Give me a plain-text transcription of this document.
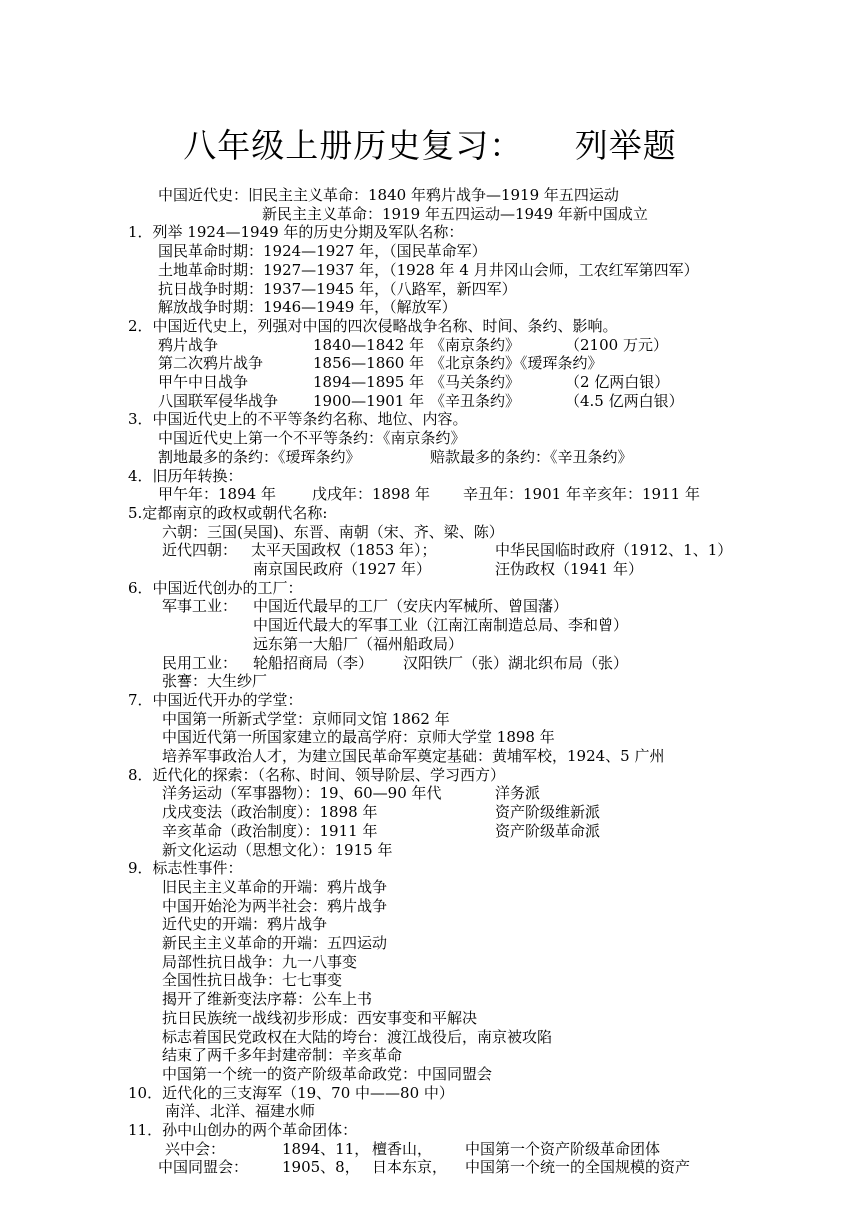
八年级上册历史复习：　　列举题
中国近代史：旧民主主义革命：1840 年鸦片战争—1919 年五四运动
新民主主义革命：1919 年五四运动—1949 年新中国成立
1．列举 1924—1949 年的历史分期及军队名称：
国民革命时期：1924—1927 年，（国民革命军）
土地革命时期：1927—1937 年，（1928 年 4 月井冈山会师，工农红军第四军）
抗日战争时期：1937—1945 年，（八路军，新四军）
解放战争时期：1946—1949 年，（解放军）
2．中国近代史上，列强对中国的四次侵略战争名称、时间、条约、影响。
鸦片战争	1840—1842 年 《南京条约》	（2100 万元）
第二次鸦片战争	1856—1860 年 《北京条约》《瑷珲条约》
甲午中日战争	1894—1895 年 《马关条约》	（2 亿两白银）
八国联军侵华战争 1900—1901 年 《辛丑条约》	（4.5 亿两白银）
3．中国近代史上的不平等条约名称、地位、内容。
中国近代史上第一个不平等条约：《南京条约》
割地最多的条约：《瑷珲条约》	赔款最多的条约：《辛丑条约》
4．旧历年转换：
甲午年：1894 年 戊戌年：1898 年 辛丑年：1901 年 辛亥年：1911 年
5.定都南京的政权或朝代名称:
六朝：三国(吴国)、东晋、南朝（宋、齐、梁、陈）
近代四朝： 太平天国政权（1853 年）；	中华民国临时政府（1912、1、1）
南京国民政府（1927 年）	汪伪政权（1941 年）
6．中国近代创办的工厂：
军事工业： 中国近代最早的工厂（安庆内军械所、曾国藩）
中国近代最大的军事工业（江南江南制造总局、李和曾）
远东第一大船厂（福州船政局）
民用工业： 轮船招商局（李） 汉阳铁厂（张）湖北织布局（张）
张謇：大生纱厂
7．中国近代开办的学堂：
中国第一所新式学堂：京师同文馆 1862 年
中国近代第一所国家建立的最高学府：京师大学堂 1898 年
培养军事政治人才，为建立国民革命军奠定基础：黄埔军校，1924、5 广州
8．近代化的探索：（名称、时间、领导阶层、学习西方）
洋务运动（军事器物）：19、60—90 年代	洋务派
戊戌变法（政治制度）：1898 年	资产阶级维新派
辛亥革命（政治制度）：1911 年	资产阶级革命派
新文化运动（思想文化）：1915 年
9．标志性事件：
旧民主主义革命的开端：鸦片战争
中国开始沦为两半社会：鸦片战争
近代史的开端：鸦片战争
新民主主义革命的开端：五四运动
局部性抗日战争：九一八事变
全国性抗日战争：七七事变
揭开了维新变法序幕：公车上书
抗日民族统一战线初步形成：西安事变和平解决
标志着国民党政权在大陆的垮台：渡江战役后，南京被攻陷
结束了两千多年封建帝制：辛亥革命
中国第一个统一的资产阶级革命政党：中国同盟会
10．近代化的三支海军（19、70 中——80 中）
南洋、北洋、福建水师
11．孙中山创办的两个革命团体：
兴中会：	1894、11， 檀香山， 中国第一个资产阶级革命团体
中国同盟会： 1905、8， 日本东京， 中国第一个统一的全国规模的资产
